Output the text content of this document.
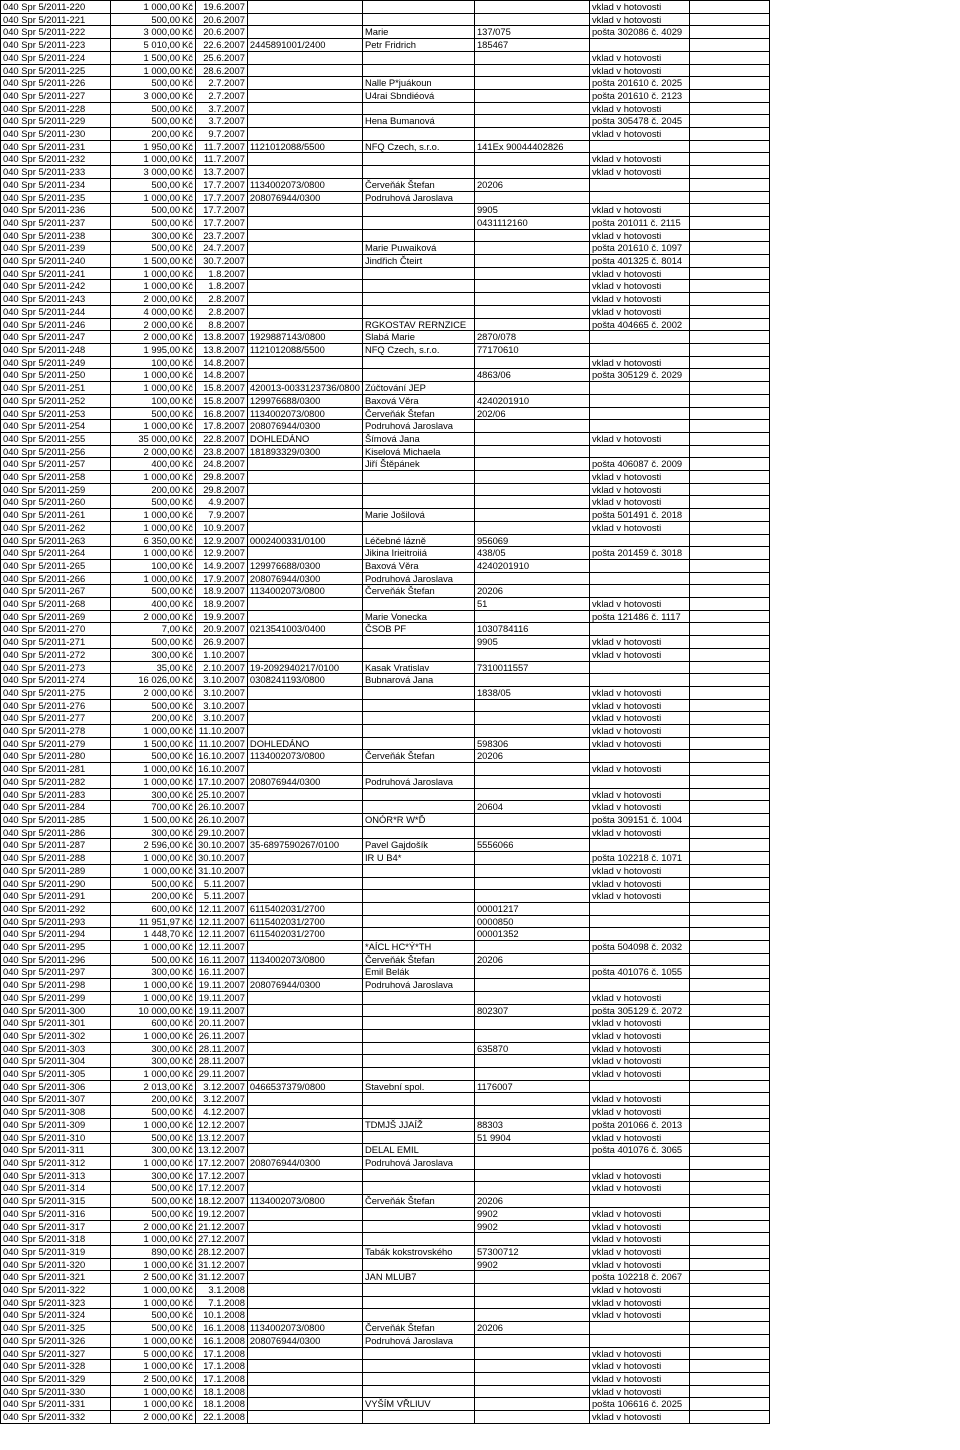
040 Spr 5/2011-220	1 000,00 Kč	19.6.2007				vklad v hotovosti	
040 Spr 5/2011-221	500,00 Kč	20.6.2007				vklad v hotovosti	
040 Spr 5/2011-222	3 000,00 Kč	20.6.2007		Marie	137/075	pošta 302086 č. 4029	
040 Spr 5/2011-223	5 010,00 Kč	22.6.2007	2445891001/2400	Petr Fridrich	185467		
040 Spr 5/2011-224	1 500,00 Kč	25.6.2007				vklad v hotovosti	
040 Spr 5/2011-225	1 000,00 Kč	28.6.2007				vklad v hotovosti	
040 Spr 5/2011-226	500,00 Kč	2.7.2007		Nalle P*juákoun		pošta 201610 č. 2025	
040 Spr 5/2011-227	3 000,00 Kč	2.7.2007		U4rai Sbndiéová		pošta 201610 č. 2123	
040 Spr 5/2011-228	500,00 Kč	3.7.2007				vklad v hotovosti	
040 Spr 5/2011-229	500,00 Kč	3.7.2007		Hena Bumanová		pošta 305478 č. 2045	
040 Spr 5/2011-230	200,00 Kč	9.7.2007				vklad v hotovosti	
040 Spr 5/2011-231	1 950,00 Kč	11.7.2007	1121012088/5500	NFQ Czech, s.r.o.	141Ex 90044402826		
040 Spr 5/2011-232	1 000,00 Kč	11.7.2007				vklad v hotovosti	
040 Spr 5/2011-233	3 000,00 Kč	13.7.2007				vklad v hotovosti	
040 Spr 5/2011-234	500,00 Kč	17.7.2007	1134002073/0800	Červeňák Štefan	20206		
040 Spr 5/2011-235	1 000,00 Kč	17.7.2007	208076944/0300	Podruhová Jaroslava			
040 Spr 5/2011-236	500,00 Kč	17.7.2007			9905	vklad v hotovosti	
040 Spr 5/2011-237	500,00 Kč	17.7.2007			0431112160	pošta 201011 č. 2115	
040 Spr 5/2011-238	300,00 Kč	23.7.2007				vklad v hotovosti	
040 Spr 5/2011-239	500,00 Kč	24.7.2007		Marie Puwaiková		pošta 201610 č. 1097	
040 Spr 5/2011-240	1 500,00 Kč	30.7.2007		Jindřich Čteirt		pošta 401325 č. 8014	
040 Spr 5/2011-241	1 000,00 Kč	1.8.2007				vklad v hotovosti	
040 Spr 5/2011-242	1 000,00 Kč	1.8.2007				vklad v hotovosti	
040 Spr 5/2011-243	2 000,00 Kč	2.8.2007				vklad v hotovosti	
040 Spr 5/2011-244	4 000,00 Kč	2.8.2007				vklad v hotovosti	
040 Spr 5/2011-246	2 000,00 Kč	8.8.2007		RGKOSTAV RERNZICE		pošta 404665 č. 2002	
040 Spr 5/2011-247	2 000,00 Kč	13.8.2007	1929887143/0800	Slabá Marie	2870/078		
040 Spr 5/2011-248	1 995,00 Kč	13.8.2007	1121012088/5500	NFQ Czech, s.r.o.	77170610		
040 Spr 5/2011-249	100,00 Kč	14.8.2007				vklad v hotovosti	
040 Spr 5/2011-250	1 000,00 Kč	14.8.2007			4863/06	pošta 305129 č. 2029	
040 Spr 5/2011-251	1 000,00 Kč	15.8.2007	420013-0033123736/0800	Zúčtování JEP			
040 Spr 5/2011-252	100,00 Kč	15.8.2007	129976688/0300	Baxová Věra	4240201910		
040 Spr 5/2011-253	500,00 Kč	16.8.2007	1134002073/0800	Červeňák Štefan	202/06		
040 Spr 5/2011-254	1 000,00 Kč	17.8.2007	208076944/0300	Podruhová Jaroslava			
040 Spr 5/2011-255	35 000,00 Kč	22.8.2007	DOHLEDÁNO	Šímová Jana		vklad v hotovosti	
040 Spr 5/2011-256	2 000,00 Kč	23.8.2007	181893329/0300	Kiselová Michaela			
040 Spr 5/2011-257	400,00 Kč	24.8.2007		Jiří Štěpánek		pošta 406087 č. 2009	
040 Spr 5/2011-258	1 000,00 Kč	29.8.2007				vklad v hotovosti	
040 Spr 5/2011-259	200,00 Kč	29.8.2007				vklad v hotovosti	
040 Spr 5/2011-260	500,00 Kč	4.9.2007				vklad v hotovosti	
040 Spr 5/2011-261	1 000,00 Kč	7.9.2007		Marie Jošilová		pošta 501491 č. 2018	
040 Spr 5/2011-262	1 000,00 Kč	10.9.2007				vklad v hotovosti	
040 Spr 5/2011-263	6 350,00 Kč	12.9.2007	0002400331/0100	Léčebné lázně	956069		
040 Spr 5/2011-264	1 000,00 Kč	12.9.2007		Jikina Irieitroiiá	438/05	pošta 201459 č. 3018	
040 Spr 5/2011-265	100,00 Kč	14.9.2007	129976688/0300	Baxová Věra	4240201910		
040 Spr 5/2011-266	1 000,00 Kč	17.9.2007	208076944/0300	Podruhová Jaroslava			
040 Spr 5/2011-267	500,00 Kč	18.9.2007	1134002073/0800	Červeňák Štefan	20206		
040 Spr 5/2011-268	400,00 Kč	18.9.2007			51	vklad v hotovosti	
040 Spr 5/2011-269	2 000,00 Kč	19.9.2007		Marie Vonecka		pošta 121486 č. 1117	
040 Spr 5/2011-270	7,00 Kč	20.9.2007	0213541003/0400	ČSOB PF	1030784116		
040 Spr 5/2011-271	500,00 Kč	26.9.2007			9905	vklad v hotovosti	
040 Spr 5/2011-272	300,00 Kč	1.10.2007				vklad v hotovosti	
040 Spr 5/2011-273	35,00 Kč	2.10.2007	19-2092940217/0100	Kasak Vratislav	7310011557		
040 Spr 5/2011-274	16 026,00 Kč	3.10.2007	0308241193/0800	Bubnarová Jana			
040 Spr 5/2011-275	2 000,00 Kč	3.10.2007			1838/05	vklad v hotovosti	
040 Spr 5/2011-276	500,00 Kč	3.10.2007				vklad v hotovosti	
040 Spr 5/2011-277	200,00 Kč	3.10.2007				vklad v hotovosti	
040 Spr 5/2011-278	1 000,00 Kč	11.10.2007				vklad v hotovosti	
040 Spr 5/2011-279	1 500,00 Kč	11.10.2007	DOHLEDÁNO		598306	vklad v hotovosti	
040 Spr 5/2011-280	500,00 Kč	16.10.2007	1134002073/0800	Červeňák Štefan	20206		
040 Spr 5/2011-281	1 000,00 Kč	16.10.2007				vklad v hotovosti	
040 Spr 5/2011-282	1 000,00 Kč	17.10.2007	208076944/0300	Podruhová Jaroslava			
040 Spr 5/2011-283	300,00 Kč	25.10.2007				vklad v hotovosti	
040 Spr 5/2011-284	700,00 Kč	26.10.2007			20604	vklad v hotovosti	
040 Spr 5/2011-285	1 500,00 Kč	26.10.2007		ONÓR*R W*Ď		pošta 309151 č. 1004	
040 Spr 5/2011-286	300,00 Kč	29.10.2007				vklad v hotovosti	
040 Spr 5/2011-287	2 596,00 Kč	30.10.2007	35-6897590267/0100	Pavel Gajdošík	5556066		
040 Spr 5/2011-288	1 000,00 Kč	30.10.2007		IR U B4*		pošta 102218 č. 1071	
040 Spr 5/2011-289	1 000,00 Kč	31.10.2007				vklad v hotovosti	
040 Spr 5/2011-290	500,00 Kč	5.11.2007				vklad v hotovosti	
040 Spr 5/2011-291	200,00 Kč	5.11.2007				vklad v hotovosti	
040 Spr 5/2011-292	600,00 Kč	12.11.2007	6115402031/2700		00001217		
040 Spr 5/2011-293	11 951,97 Kč	12.11.2007	6115402031/2700		0000850		
040 Spr 5/2011-294	1 448,70 Kč	12.11.2007	6115402031/2700		00001352		
040 Spr 5/2011-295	1 000,00 Kč	12.11.2007		*AÍCL HC*Ý*TH		pošta 504098 č. 2032	
040 Spr 5/2011-296	500,00 Kč	16.11.2007	1134002073/0800	Červeňák Štefan	20206		
040 Spr 5/2011-297	300,00 Kč	16.11.2007		Emil Belák		pošta 401076 č. 1055	
040 Spr 5/2011-298	1 000,00 Kč	19.11.2007	208076944/0300	Podruhová Jaroslava			
040 Spr 5/2011-299	1 000,00 Kč	19.11.2007				vklad v hotovosti	
040 Spr 5/2011-300	10 000,00 Kč	19.11.2007			802307	pošta 305129 č. 2072	
040 Spr 5/2011-301	600,00 Kč	20.11.2007				vklad v hotovosti	
040 Spr 5/2011-302	1 000,00 Kč	26.11.2007				vklad v hotovosti	
040 Spr 5/2011-303	300,00 Kč	28.11.2007			635870	vklad v hotovosti	
040 Spr 5/2011-304	300,00 Kč	28.11.2007				vklad v hotovosti	
040 Spr 5/2011-305	1 000,00 Kč	29.11.2007				vklad v hotovosti	
040 Spr 5/2011-306	2 013,00 Kč	3.12.2007	0466537379/0800	Stavební spol.	1176007		
040 Spr 5/2011-307	200,00 Kč	3.12.2007				vklad v hotovosti	
040 Spr 5/2011-308	500,00 Kč	4.12.2007				vklad v hotovosti	
040 Spr 5/2011-309	1 000,00 Kč	12.12.2007		TDMJŠ JJAÍŽ	88303	pošta 201066 č. 2013	
040 Spr 5/2011-310	500,00 Kč	13.12.2007			51 9904	vklad v hotovosti	
040 Spr 5/2011-311	300,00 Kč	13.12.2007		DELAL EMIL		pošta 401076 č. 3065	
040 Spr 5/2011-312	1 000,00 Kč	17.12.2007	208076944/0300	Podruhová Jaroslava			
040 Spr 5/2011-313	300,00 Kč	17.12.2007				vklad v hotovosti	
040 Spr 5/2011-314	500,00 Kč	17.12.2007				vklad v hotovosti	
040 Spr 5/2011-315	500,00 Kč	18.12.2007	1134002073/0800	Červeňák Štefan	20206		
040 Spr 5/2011-316	500,00 Kč	19.12.2007			9902	vklad v hotovosti	
040 Spr 5/2011-317	2 000,00 Kč	21.12.2007			9902	vklad v hotovosti	
040 Spr 5/2011-318	1 000,00 Kč	27.12.2007				vklad v hotovosti	
040 Spr 5/2011-319	890,00 Kč	28.12.2007		Tabák kokstrovského	57300712	vklad v hotovosti	
040 Spr 5/2011-320	1 000,00 Kč	31.12.2007			9902	vklad v hotovosti	
040 Spr 5/2011-321	2 500,00 Kč	31.12.2007		JAN MLUB7		pošta 102218 č. 2067	
040 Spr 5/2011-322	1 000,00 Kč	3.1.2008				vklad v hotovosti	
040 Spr 5/2011-323	1 000,00 Kč	7.1.2008				vklad v hotovosti	
040 Spr 5/2011-324	500,00 Kč	10.1.2008				vklad v hotovosti	
040 Spr 5/2011-325	500,00 Kč	16.1.2008	1134002073/0800	Červeňák Štefan	20206		
040 Spr 5/2011-326	1 000,00 Kč	16.1.2008	208076944/0300	Podruhová Jaroslava			
040 Spr 5/2011-327	5 000,00 Kč	17.1.2008				vklad v hotovosti	
040 Spr 5/2011-328	1 000,00 Kč	17.1.2008				vklad v hotovosti	
040 Spr 5/2011-329	2 500,00 Kč	17.1.2008				vklad v hotovosti	
040 Spr 5/2011-330	1 000,00 Kč	18.1.2008				vklad v hotovosti	
040 Spr 5/2011-331	1 000,00 Kč	18.1.2008		VYŠÍM VŘLIUV		pošta 106616 č. 2025	
040 Spr 5/2011-332	2 000,00 Kč	22.1.2008				vklad v hotovosti	
